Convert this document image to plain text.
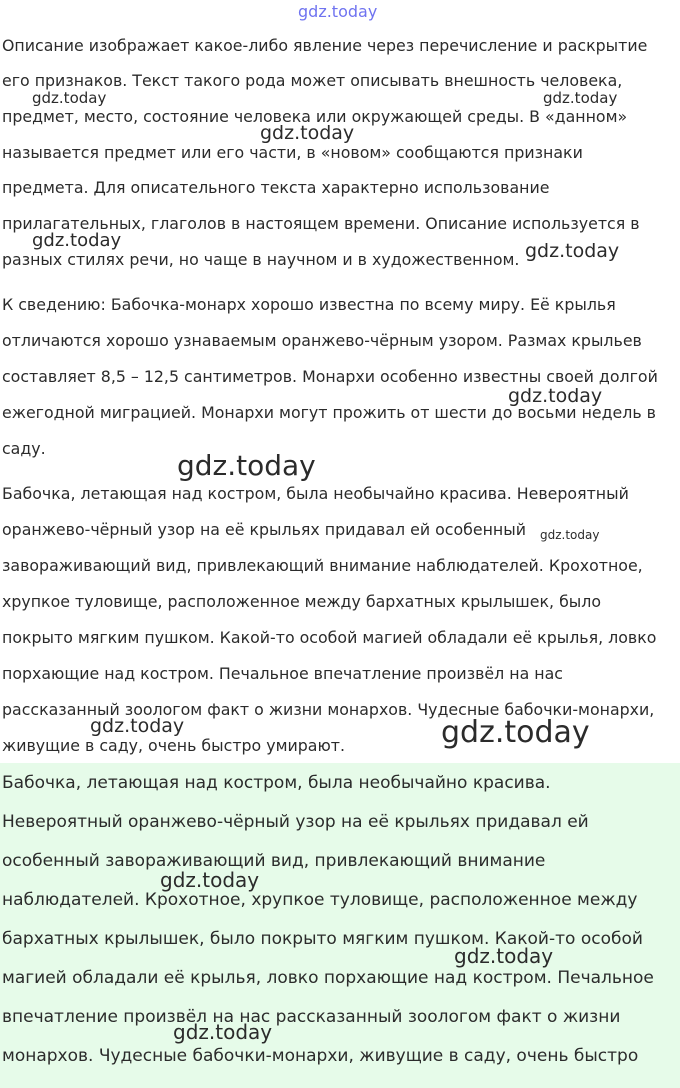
gdz.today
Описание изображает какое-либо явление через перечисление и раскрытие
его признаков. Текст такого рода может описывать внешность человека,
предмет, место, состояние человека или окружающей среды. В «данном»
называется предмет или его части, в «новом» сообщаются признаки
предмета. Для описательного текста характерно использование
прилагательных, глаголов в настоящем времени. Описание используется в
разных стилях речи, но чаще в научном и в художественном.
К сведению: Бабочка-монарх хорошо известна по всему миру. Её крылья
отличаются хорошо узнаваемым оранжево-чёрным узором. Размах крыльев
составляет 8,5 – 12,5 сантиметров. Монархи особенно известны своей долгой
ежегодной миграцией. Монархи могут прожить от шести до восьми недель в
саду.
Бабочка, летающая над костром, была необычайно красива. Невероятный
оранжево-чёрный узор на её крыльях придавал ей особенный
завораживающий вид, привлекающий внимание наблюдателей. Крохотное,
хрупкое туловище, расположенное между бархатных крылышек, было
покрыто мягким пушком. Какой-то особой магией обладали её крылья, ловко
порхающие над костром. Печальное впечатление произвёл на нас
рассказанный зоологом факт о жизни монархов. Чудесные бабочки-монархи,
живущие в саду, очень быстро умирают.
Бабочка, летающая над костром, была необычайно красива.
Невероятный оранжево-чёрный узор на её крыльях придавал ей
особенный завораживающий вид, привлекающий внимание
наблюдателей. Крохотное, хрупкое туловище, расположенное между
бархатных крылышек, было покрыто мягким пушком. Какой-то особой
магией обладали её крылья, ловко порхающие над костром. Печальное
впечатление произвёл на нас рассказанный зоологом факт о жизни
монархов. Чудесные бабочки-монархи, живущие в саду, очень быстро
gdz.today	gdz.today
gdz.today
gdz.today	gdz.today
gdz.today
gdz.today
gdz.today
gdz.today	gdz.today
gdz.today
gdz.today
gdz.today
